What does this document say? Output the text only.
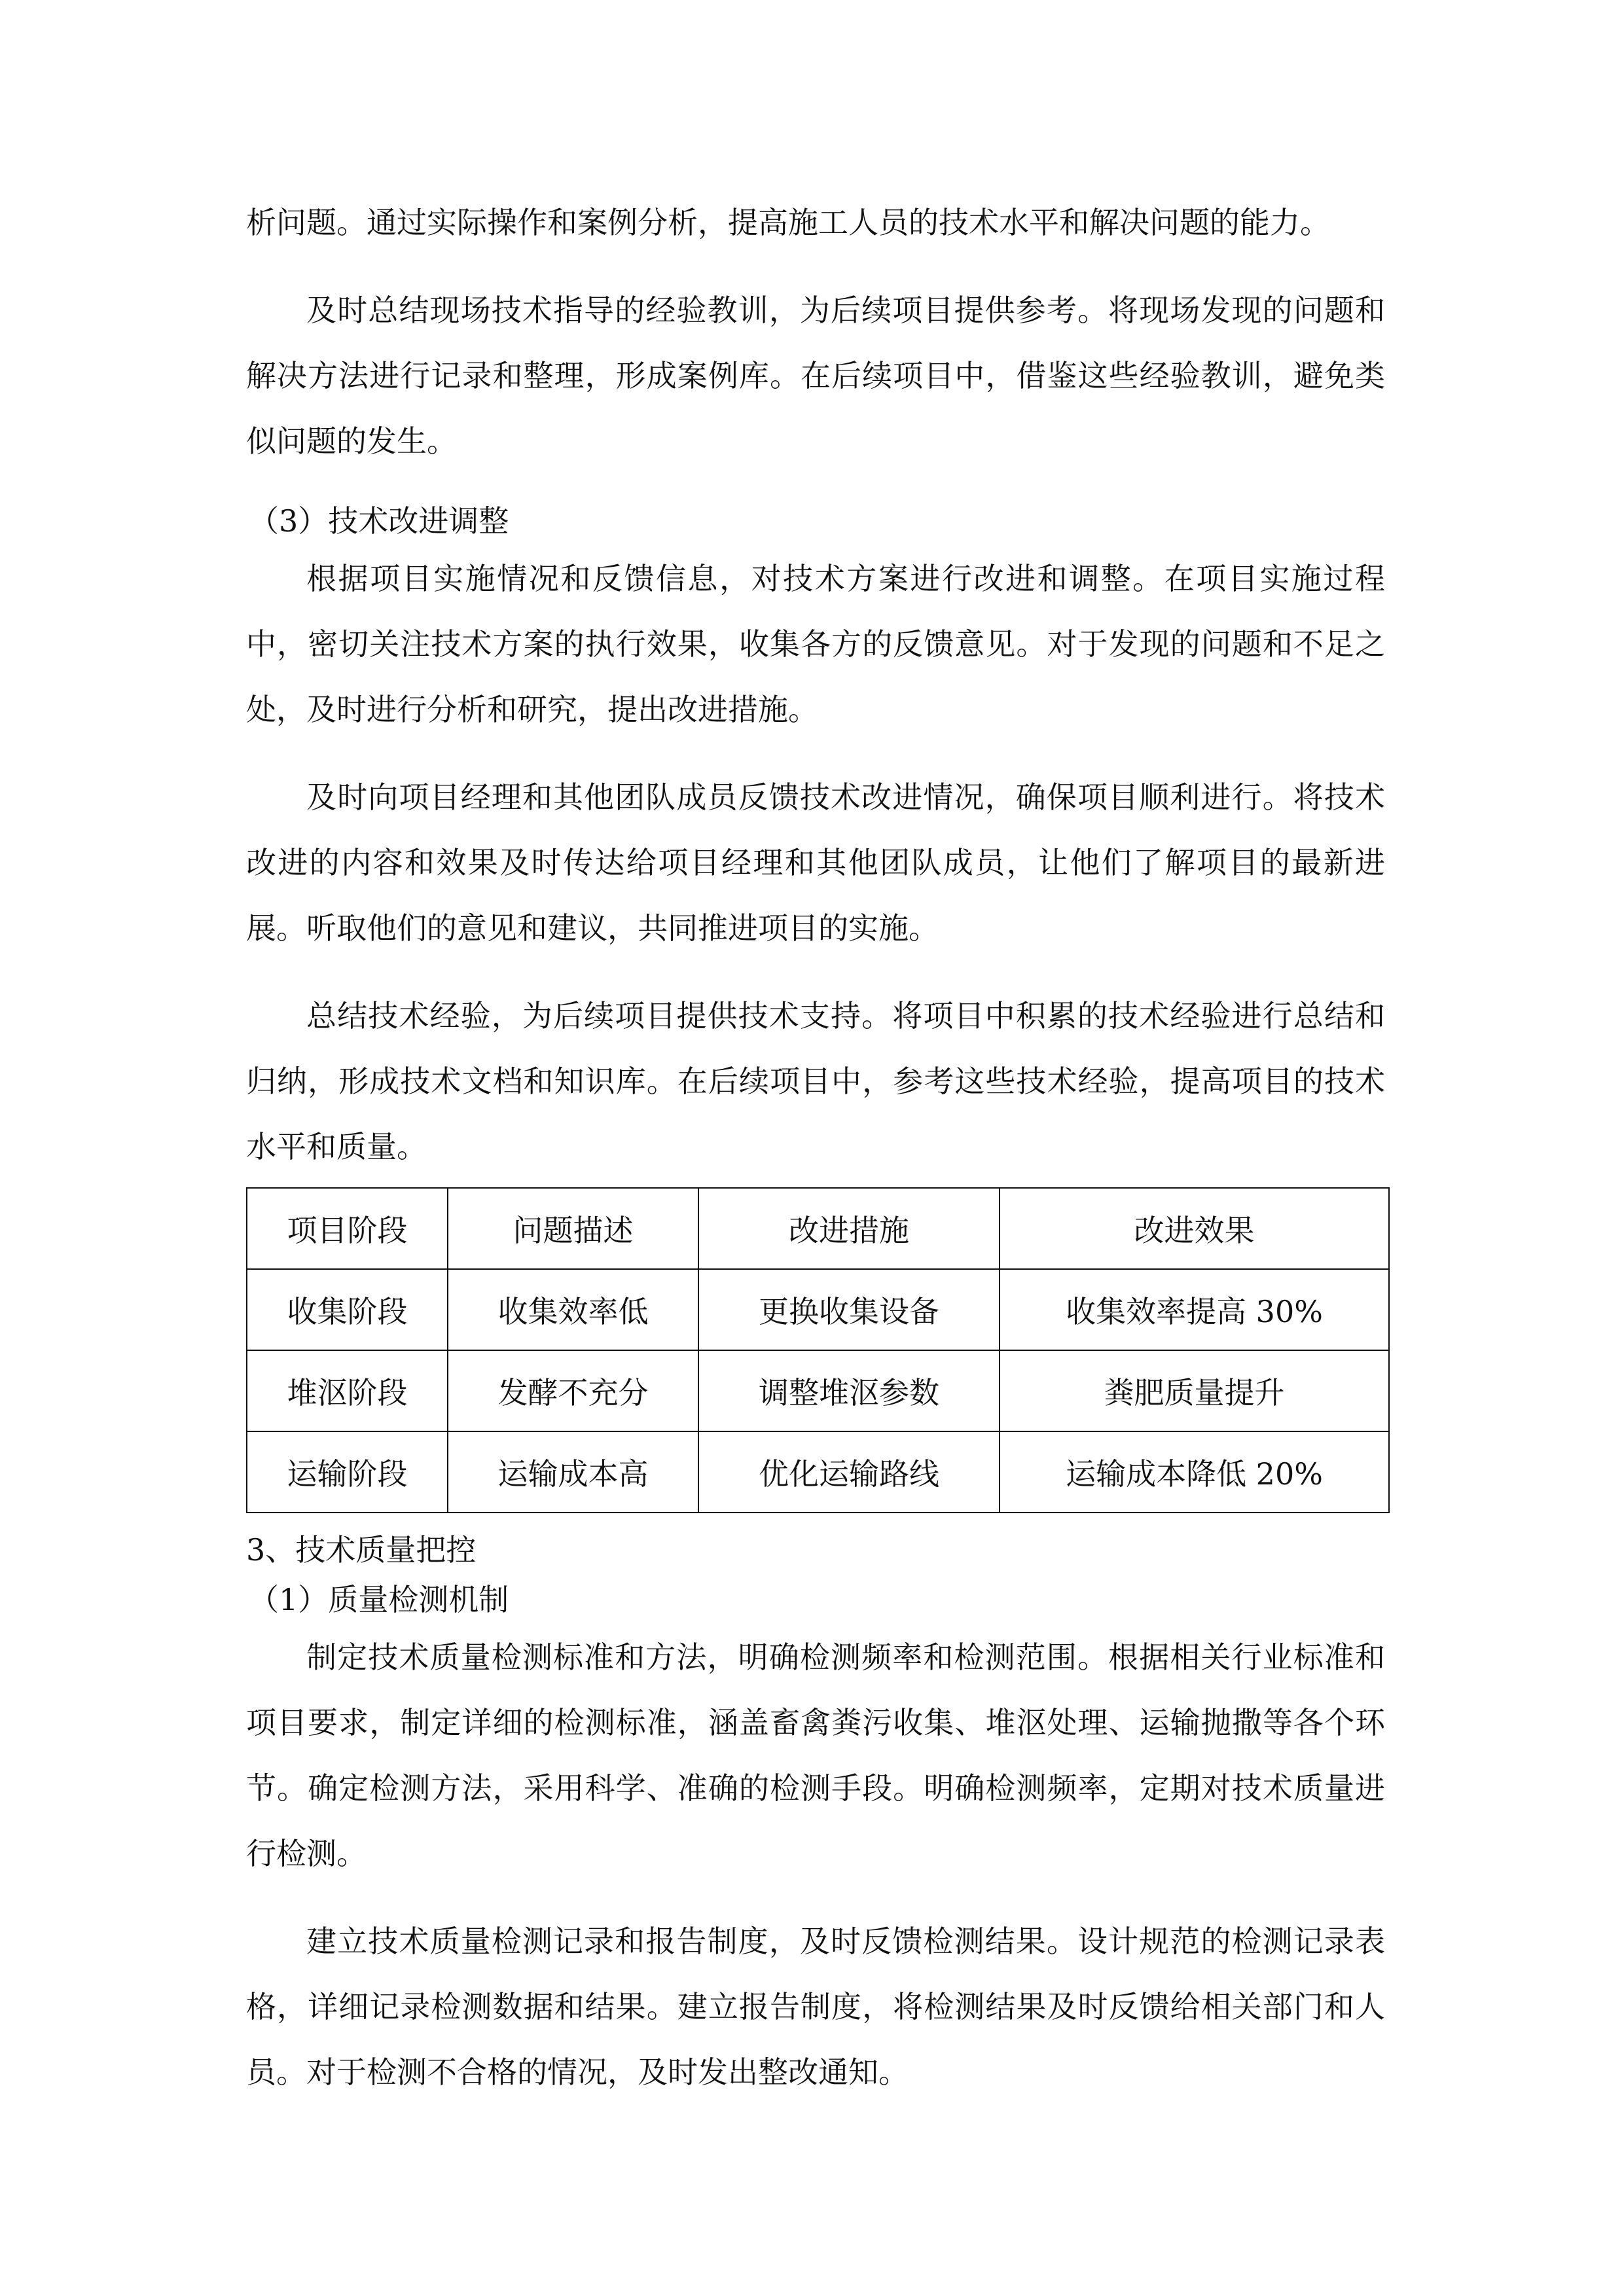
析问题。通过实际操作和案例分析，提高施工人员的技术水平和解决问题的能力。

及时总结现场技术指导的经验教训，为后续项目提供参考。将现场发现的问题和解决方法进行记录和整理，形成案例库。在后续项目中，借鉴这些经验教训，避免类似问题的发生。

（3）技术改进调整

根据项目实施情况和反馈信息，对技术方案进行改进和调整。在项目实施过程中，密切关注技术方案的执行效果，收集各方的反馈意见。对于发现的问题和不足之处，及时进行分析和研究，提出改进措施。

及时向项目经理和其他团队成员反馈技术改进情况，确保项目顺利进行。将技术改进的内容和效果及时传达给项目经理和其他团队成员，让他们了解项目的最新进展。听取他们的意见和建议，共同推进项目的实施。

总结技术经验，为后续项目提供技术支持。将项目中积累的技术经验进行总结和归纳，形成技术文档和知识库。在后续项目中，参考这些技术经验，提高项目的技术水平和质量。

项目阶段	问题描述	改进措施	改进效果
收集阶段	收集效率低	更换收集设备	收集效率提高 30%
堆沤阶段	发酵不充分	调整堆沤参数	粪肥质量提升
运输阶段	运输成本高	优化运输路线	运输成本降低 20%

3、技术质量把控

（1）质量检测机制

制定技术质量检测标准和方法，明确检测频率和检测范围。根据相关行业标准和项目要求，制定详细的检测标准，涵盖畜禽粪污收集、堆沤处理、运输抛撒等各个环节。确定检测方法，采用科学、准确的检测手段。明确检测频率，定期对技术质量进行检测。

建立技术质量检测记录和报告制度，及时反馈检测结果。设计规范的检测记录表格，详细记录检测数据和结果。建立报告制度，将检测结果及时反馈给相关部门和人员。对于检测不合格的情况，及时发出整改通知。
